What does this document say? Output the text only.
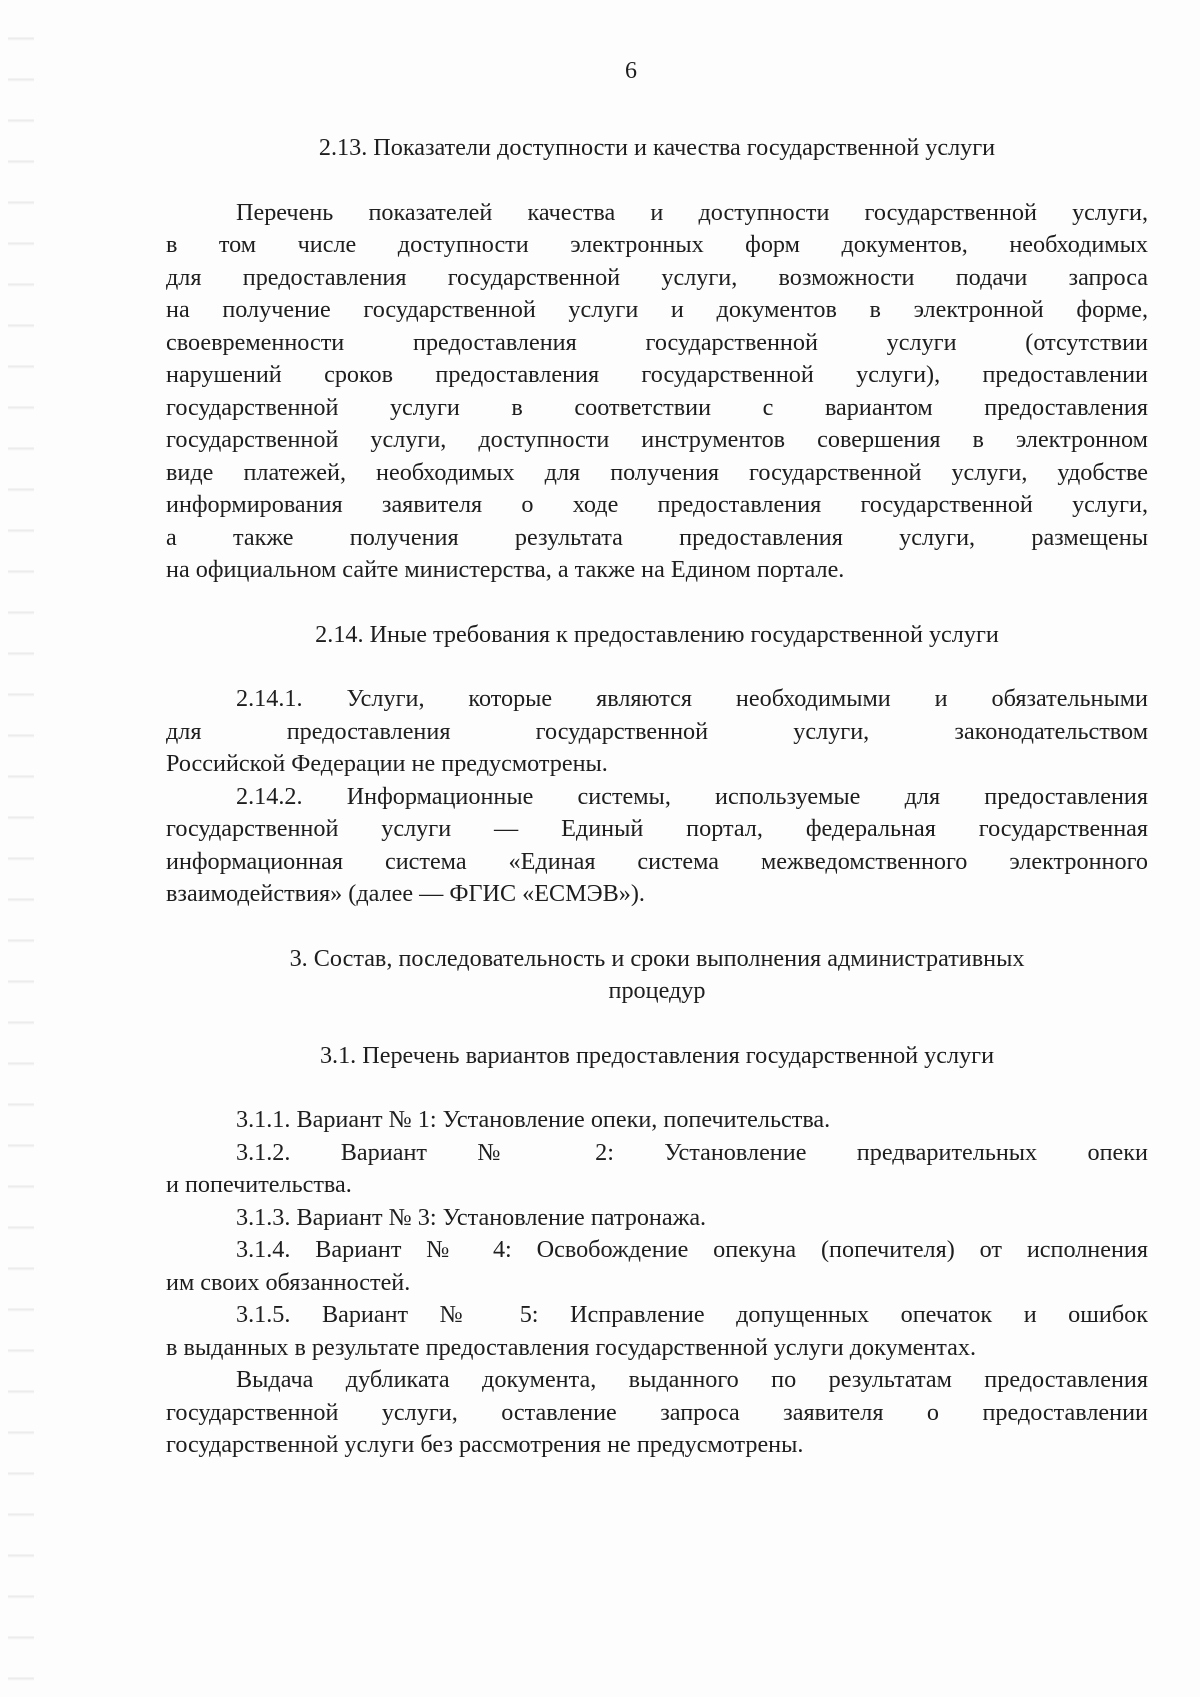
6
2.13. Показатели доступности и качества государственной услуги
Перечень показателей качества и доступности государственной услуги,
в том числе доступности электронных форм документов, необходимых
для предоставления государственной услуги, возможности подачи запроса
на получение государственной услуги и документов в электронной форме,
своевременности предоставления государственной услуги (отсутствии
нарушений сроков предоставления государственной услуги), предоставлении
государственной услуги в соответствии с вариантом предоставления
государственной услуги, доступности инструментов совершения в электронном
виде платежей, необходимых для получения государственной услуги, удобстве
информирования заявителя о ходе предоставления государственной услуги,
а также получения результата предоставления услуги, размещены
на официальном сайте министерства, а также на Едином портале.
2.14. Иные требования к предоставлению государственной услуги
2.14.1. Услуги, которые являются необходимыми и обязательными
для предоставления государственной услуги, законодательством
Российской Федерации не предусмотрены.
2.14.2. Информационные системы, используемые для предоставления
государственной услуги — Единый портал, федеральная государственная
информационная система «Единая система межведомственного электронного
взаимодействия» (далее — ФГИС «ЕСМЭВ»).
3. Состав, последовательность и сроки выполнения административных
процедур
3.1. Перечень вариантов предоставления государственной услуги
3.1.1. Вариант № 1: Установление опеки, попечительства.
3.1.2. Вариант № 2: Установление предварительных опеки
и попечительства.
3.1.3. Вариант № 3: Установление патронажа.
3.1.4. Вариант № 4: Освобождение опекуна (попечителя) от исполнения
им своих обязанностей.
3.1.5. Вариант № 5: Исправление допущенных опечаток и ошибок
в выданных в результате предоставления государственной услуги документах.
Выдача дубликата документа, выданного по результатам предоставления
государственной услуги, оставление запроса заявителя о предоставлении
государственной услуги без рассмотрения не предусмотрены.
